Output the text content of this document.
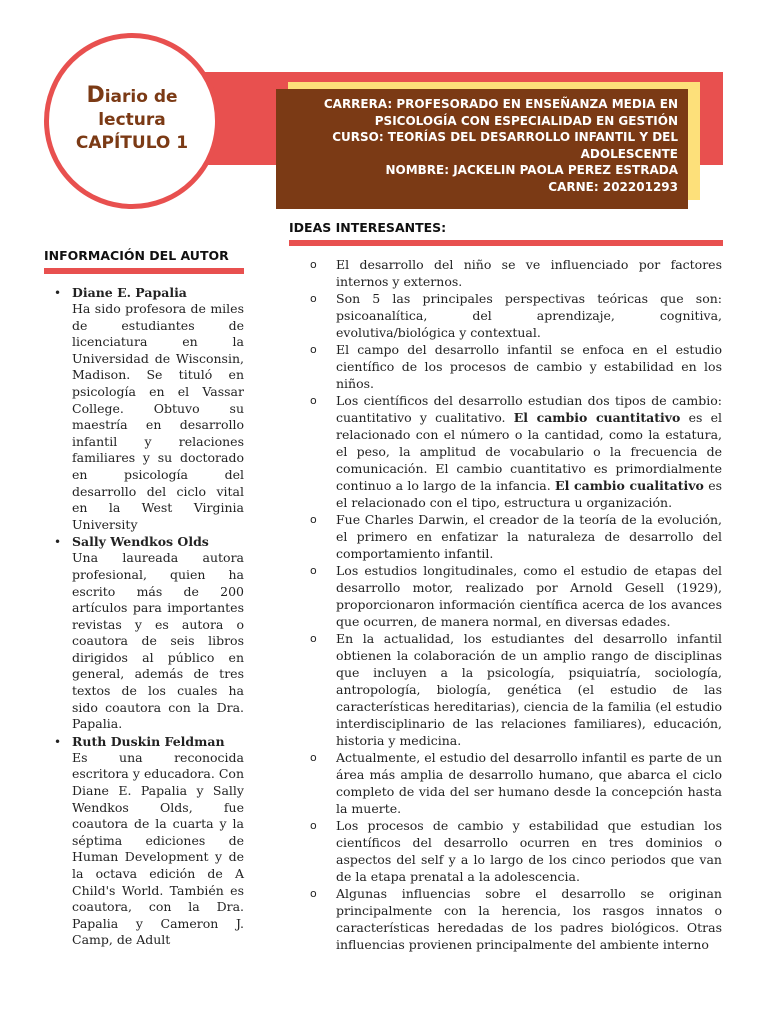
CARRERA: PROFESORADO EN ENSEÑANZA MEDIA EN
PSICOLOGÍA CON ESPECIALIDAD EN GESTIÓN
CURSO: TEORÍAS DEL DESARROLLO INFANTIL Y DEL
ADOLESCENTE
NOMBRE: JACKELIN PAOLA PEREZ ESTRADA
CARNE: 202201293
Diario de
lectura
CAPÍTULO 1
INFORMACIÓN DEL AUTOR
• Diane E. Papalia
Ha sido profesora de miles de estudiantes de licenciatura en la Universidad de Wisconsin, Madison. Se tituló en psicología en el Vassar College. Obtuvo su maestría en desarrollo infantil y relaciones familiares y su doctorado en psicología del desarrollo del ciclo vital en la West Virginia University
• Sally Wendkos Olds
Una laureada autora profesional, quien ha escrito más de 200 artículos para importantes revistas y es autora o coautora de seis libros dirigidos al público en general, además de tres textos de los cuales ha sido coautora con la Dra. Papalia.
• Ruth Duskin Feldman
Es una reconocida escritora y educadora. Con Diane E. Papalia y Sally Wendkos Olds, fue coautora de la cuarta y la séptima ediciones de Human Development y de la octava edición de A Child's World. También es coautora, con la Dra. Papalia y Cameron J. Camp, de Adult
IDEAS INTERESANTES:
o El desarrollo del niño se ve influenciado por factores internos y externos.
o Son 5 las principales perspectivas teóricas que son: psicoanalítica, del aprendizaje, cognitiva, evolutiva/biológica y contextual.
o El campo del desarrollo infantil se enfoca en el estudio científico de los procesos de cambio y estabilidad en los niños.
o Los científicos del desarrollo estudian dos tipos de cambio: cuantitativo y cualitativo. El cambio cuantitativo es el relacionado con el número o la cantidad, como la estatura, el peso, la amplitud de vocabulario o la frecuencia de comunicación. El cambio cuantitativo es primordialmente continuo a lo largo de la infancia. El cambio cualitativo es el relacionado con el tipo, estructura u organización.
o Fue Charles Darwin, el creador de la teoría de la evolución, el primero en enfatizar la naturaleza de desarrollo del comportamiento infantil.
o Los estudios longitudinales, como el estudio de etapas del desarrollo motor, realizado por Arnold Gesell (1929), proporcionaron información científica acerca de los avances que ocurren, de manera normal, en diversas edades.
o En la actualidad, los estudiantes del desarrollo infantil obtienen la colaboración de un amplio rango de disciplinas que incluyen a la psicología, psiquiatría, sociología, antropología, biología, genética (el estudio de las características hereditarias), ciencia de la familia (el estudio interdisciplinario de las relaciones familiares), educación, historia y medicina.
o Actualmente, el estudio del desarrollo infantil es parte de un área más amplia de desarrollo humano, que abarca el ciclo completo de vida del ser humano desde la concepción hasta la muerte.
o Los procesos de cambio y estabilidad que estudian los científicos del desarrollo ocurren en tres dominios o aspectos del self y a lo largo de los cinco periodos que van de la etapa prenatal a la adolescencia.
o Algunas influencias sobre el desarrollo se originan principalmente con la herencia, los rasgos innatos o características heredadas de los padres biológicos. Otras influencias provienen principalmente del ambiente interno
